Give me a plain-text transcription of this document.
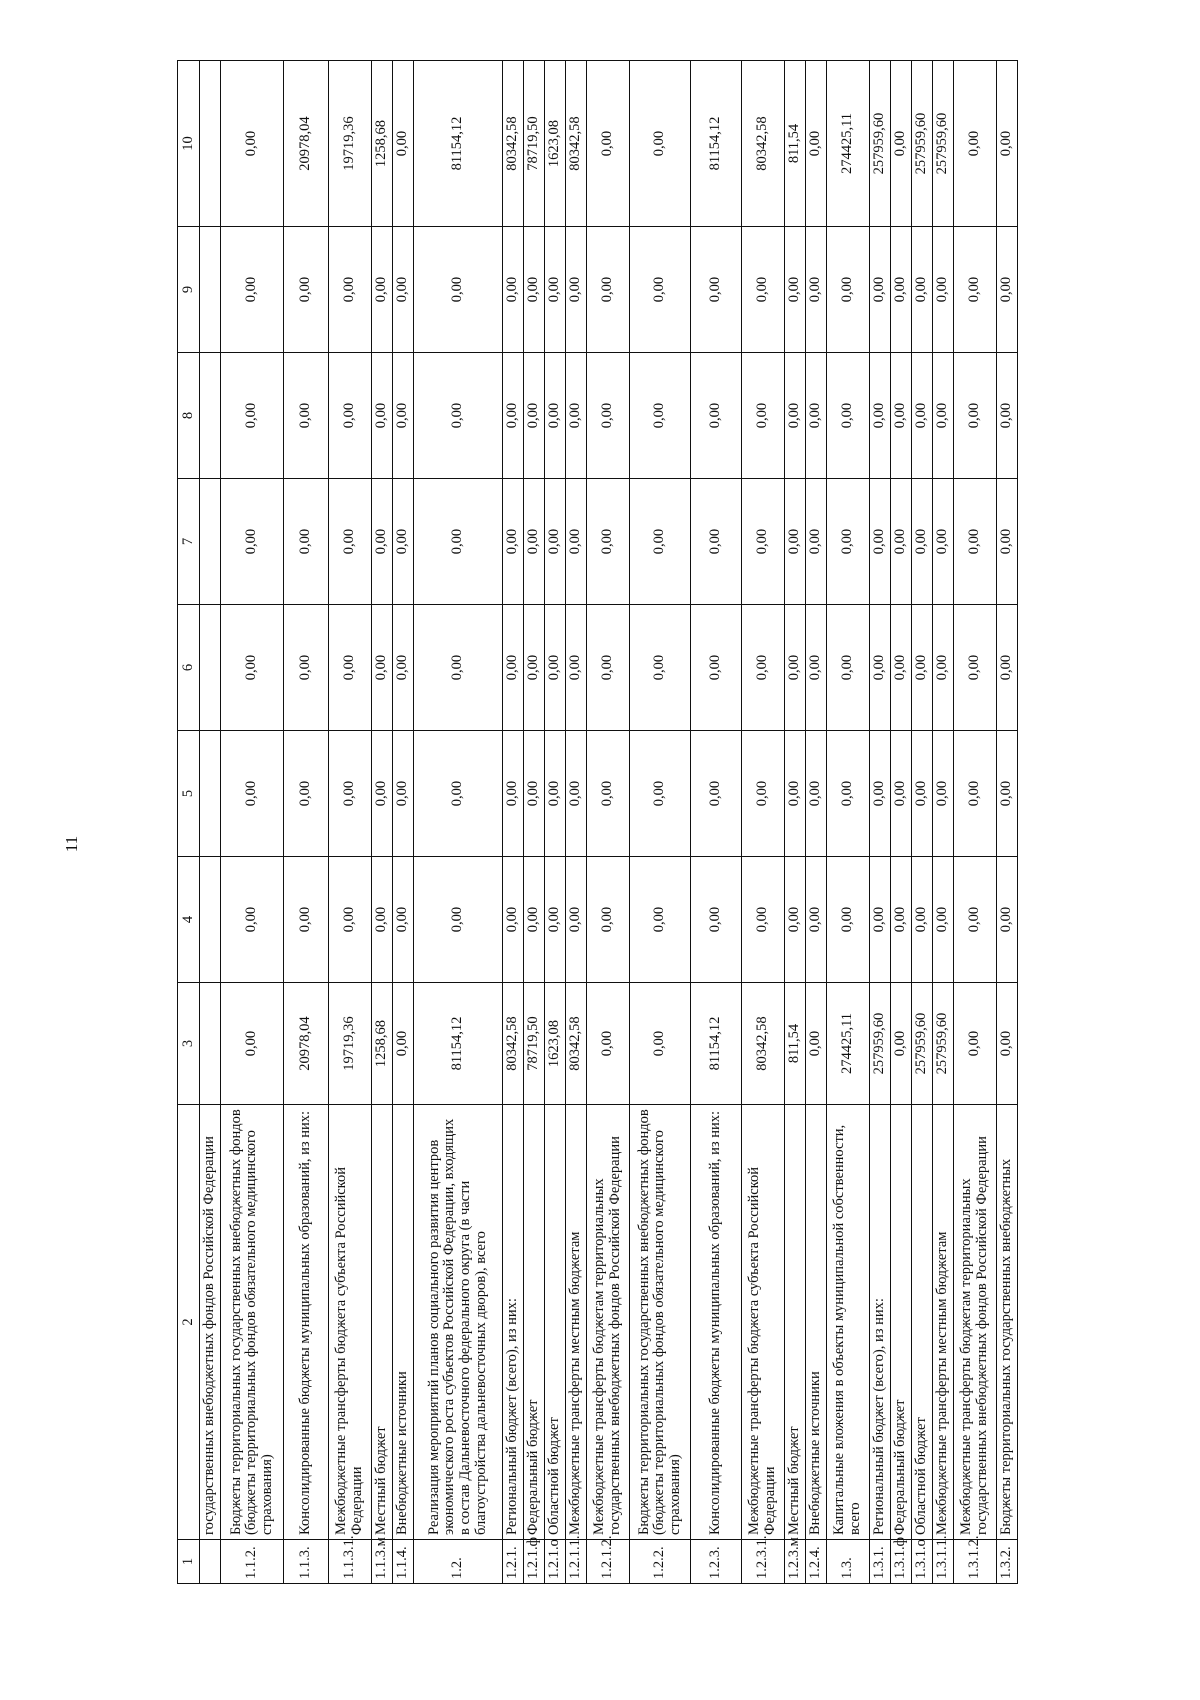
11
1	2	3	4	5	6	7	8	9	10
	государственных внебюджетных фондов Российской Федерации								
1.1.2.	Бюджеты территориальных государственных внебюджетных фондов (бюджеты территориальных фондов обязательного медицинского страхования)	0,00	0,00	0,00	0,00	0,00	0,00	0,00	0,00
1.1.3.	Консолидированные бюджеты муниципальных образований, из них:	20978,04	0,00	0,00	0,00	0,00	0,00	0,00	20978,04
1.1.3.1.	Межбюджетные трансферты бюджета субъекта Российской Федерации	19719,36	0,00	0,00	0,00	0,00	0,00	0,00	19719,36
1.1.3.м	Местный бюджет	1258,68	0,00	0,00	0,00	0,00	0,00	0,00	1258,68
1.1.4.	Внебюджетные источники	0,00	0,00	0,00	0,00	0,00	0,00	0,00	0,00
1.2.	Реализация мероприятий планов социального развития центров экономического роста субъектов Российской Федерации, входящих в состав Дальневосточного федерального округа (в части благоустройства дальневосточных дворов), всего	81154,12	0,00	0,00	0,00	0,00	0,00	0,00	81154,12
1.2.1.	Региональный бюджет (всего), из них:	80342,58	0,00	0,00	0,00	0,00	0,00	0,00	80342,58
1.2.1.ф	Федеральный бюджет	78719,50	0,00	0,00	0,00	0,00	0,00	0,00	78719,50
1.2.1.о	Областной бюджет	1623,08	0,00	0,00	0,00	0,00	0,00	0,00	1623,08
1.2.1.1.	Межбюджетные трансферты местным бюджетам	80342,58	0,00	0,00	0,00	0,00	0,00	0,00	80342,58
1.2.1.2.	Межбюджетные трансферты бюджетам территориальных государственных внебюджетных фондов Российской Федерации	0,00	0,00	0,00	0,00	0,00	0,00	0,00	0,00
1.2.2.	Бюджеты территориальных государственных внебюджетных фондов (бюджеты территориальных фондов обязательного медицинского страхования)	0,00	0,00	0,00	0,00	0,00	0,00	0,00	0,00
1.2.3.	Консолидированные бюджеты муниципальных образований, из них:	81154,12	0,00	0,00	0,00	0,00	0,00	0,00	81154,12
1.2.3.1.	Межбюджетные трансферты бюджета субъекта Российской Федерации	80342,58	0,00	0,00	0,00	0,00	0,00	0,00	80342,58
1.2.3.м	Местный бюджет	811,54	0,00	0,00	0,00	0,00	0,00	0,00	811,54
1.2.4.	Внебюджетные источники	0,00	0,00	0,00	0,00	0,00	0,00	0,00	0,00
1.3.	Капитальные вложения в объекты муниципальной собственности, всего	274425,11	0,00	0,00	0,00	0,00	0,00	0,00	274425,11
1.3.1.	Региональный бюджет (всего), из них:	257959,60	0,00	0,00	0,00	0,00	0,00	0,00	257959,60
1.3.1.ф	Федеральный бюджет	0,00	0,00	0,00	0,00	0,00	0,00	0,00	0,00
1.3.1.о	Областной бюджет	257959,60	0,00	0,00	0,00	0,00	0,00	0,00	257959,60
1.3.1.1.	Межбюджетные трансферты местным бюджетам	257959,60	0,00	0,00	0,00	0,00	0,00	0,00	257959,60
1.3.1.2.	Межбюджетные трансферты бюджетам территориальных государственных внебюджетных фондов Российской Федерации	0,00	0,00	0,00	0,00	0,00	0,00	0,00	0,00
1.3.2.	Бюджеты территориальных государственных внебюджетных	0,00	0,00	0,00	0,00	0,00	0,00	0,00	0,00
